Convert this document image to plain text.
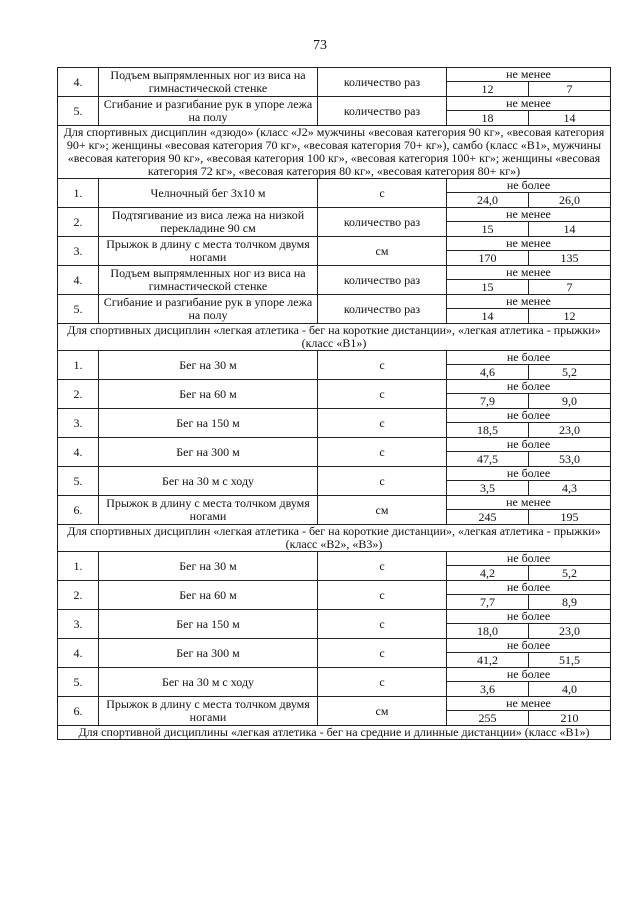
73
4.	Подъем выпрямленных ног из виса на гимнастической стенке	количество раз	не менее	
			12	7
5.	Сгибание и разгибание рук в упоре лежа на полу	количество раз	не менее	
			18	14
Для спортивных дисциплин «дзюдо» (класс «J2» мужчины «весовая категория 90 кг», «весовая категория 90+ кг»; женщины «весовая категория 70 кг», «весовая категория 70+ кг»), самбо (класс «B1», мужчины «весовая категория 90 кг», «весовая категория 100 кг», «весовая категория 100+ кг»; женщины «весовая категория 72 кг», «весовая категория 80 кг», «весовая категория 80+ кг»)				
1.	Челночный бег 3х10 м	с	не более	
			24,0	26,0
2.	Подтягивание из виса лежа на низкой перекладине 90 см	количество раз	не менее	
			15	14
3.	Прыжок в длину с места толчком двумя ногами	см	не менее	
			170	135
4.	Подъем выпрямленных ног из виса на гимнастической стенке	количество раз	не менее	
			15	7
5.	Сгибание и разгибание рук в упоре лежа на полу	количество раз	не менее	
			14	12
Для спортивных дисциплин «легкая атлетика - бег на короткие дистанции», «легкая атлетика - прыжки» (класс «B1»)				
1.	Бег на 30 м	с	не более	
			4,6	5,2
2.	Бег на 60 м	с	не более	
			7,9	9,0
3.	Бег на 150 м	с	не более	
			18,5	23,0
4.	Бег на 300 м	с	не более	
			47,5	53,0
5.	Бег на 30 м с ходу	с	не более	
			3,5	4,3
6.	Прыжок в длину с места толчком двумя ногами	см	не менее	
			245	195
Для спортивных дисциплин «легкая атлетика - бег на короткие дистанции», «легкая атлетика - прыжки» (класс «B2», «B3»)				
1.	Бег на 30 м	с	не более	
			4,2	5,2
2.	Бег на 60 м	с	не более	
			7,7	8,9
3.	Бег на 150 м	с	не более	
			18,0	23,0
4.	Бег на 300 м	с	не более	
			41,2	51,5
5.	Бег на 30 м с ходу	с	не более	
			3,6	4,0
6.	Прыжок в длину с места толчком двумя ногами	см	не менее	
			255	210
Для спортивной дисциплины «легкая атлетика - бег на средние и длинные дистанции» (класс «B1»)				
